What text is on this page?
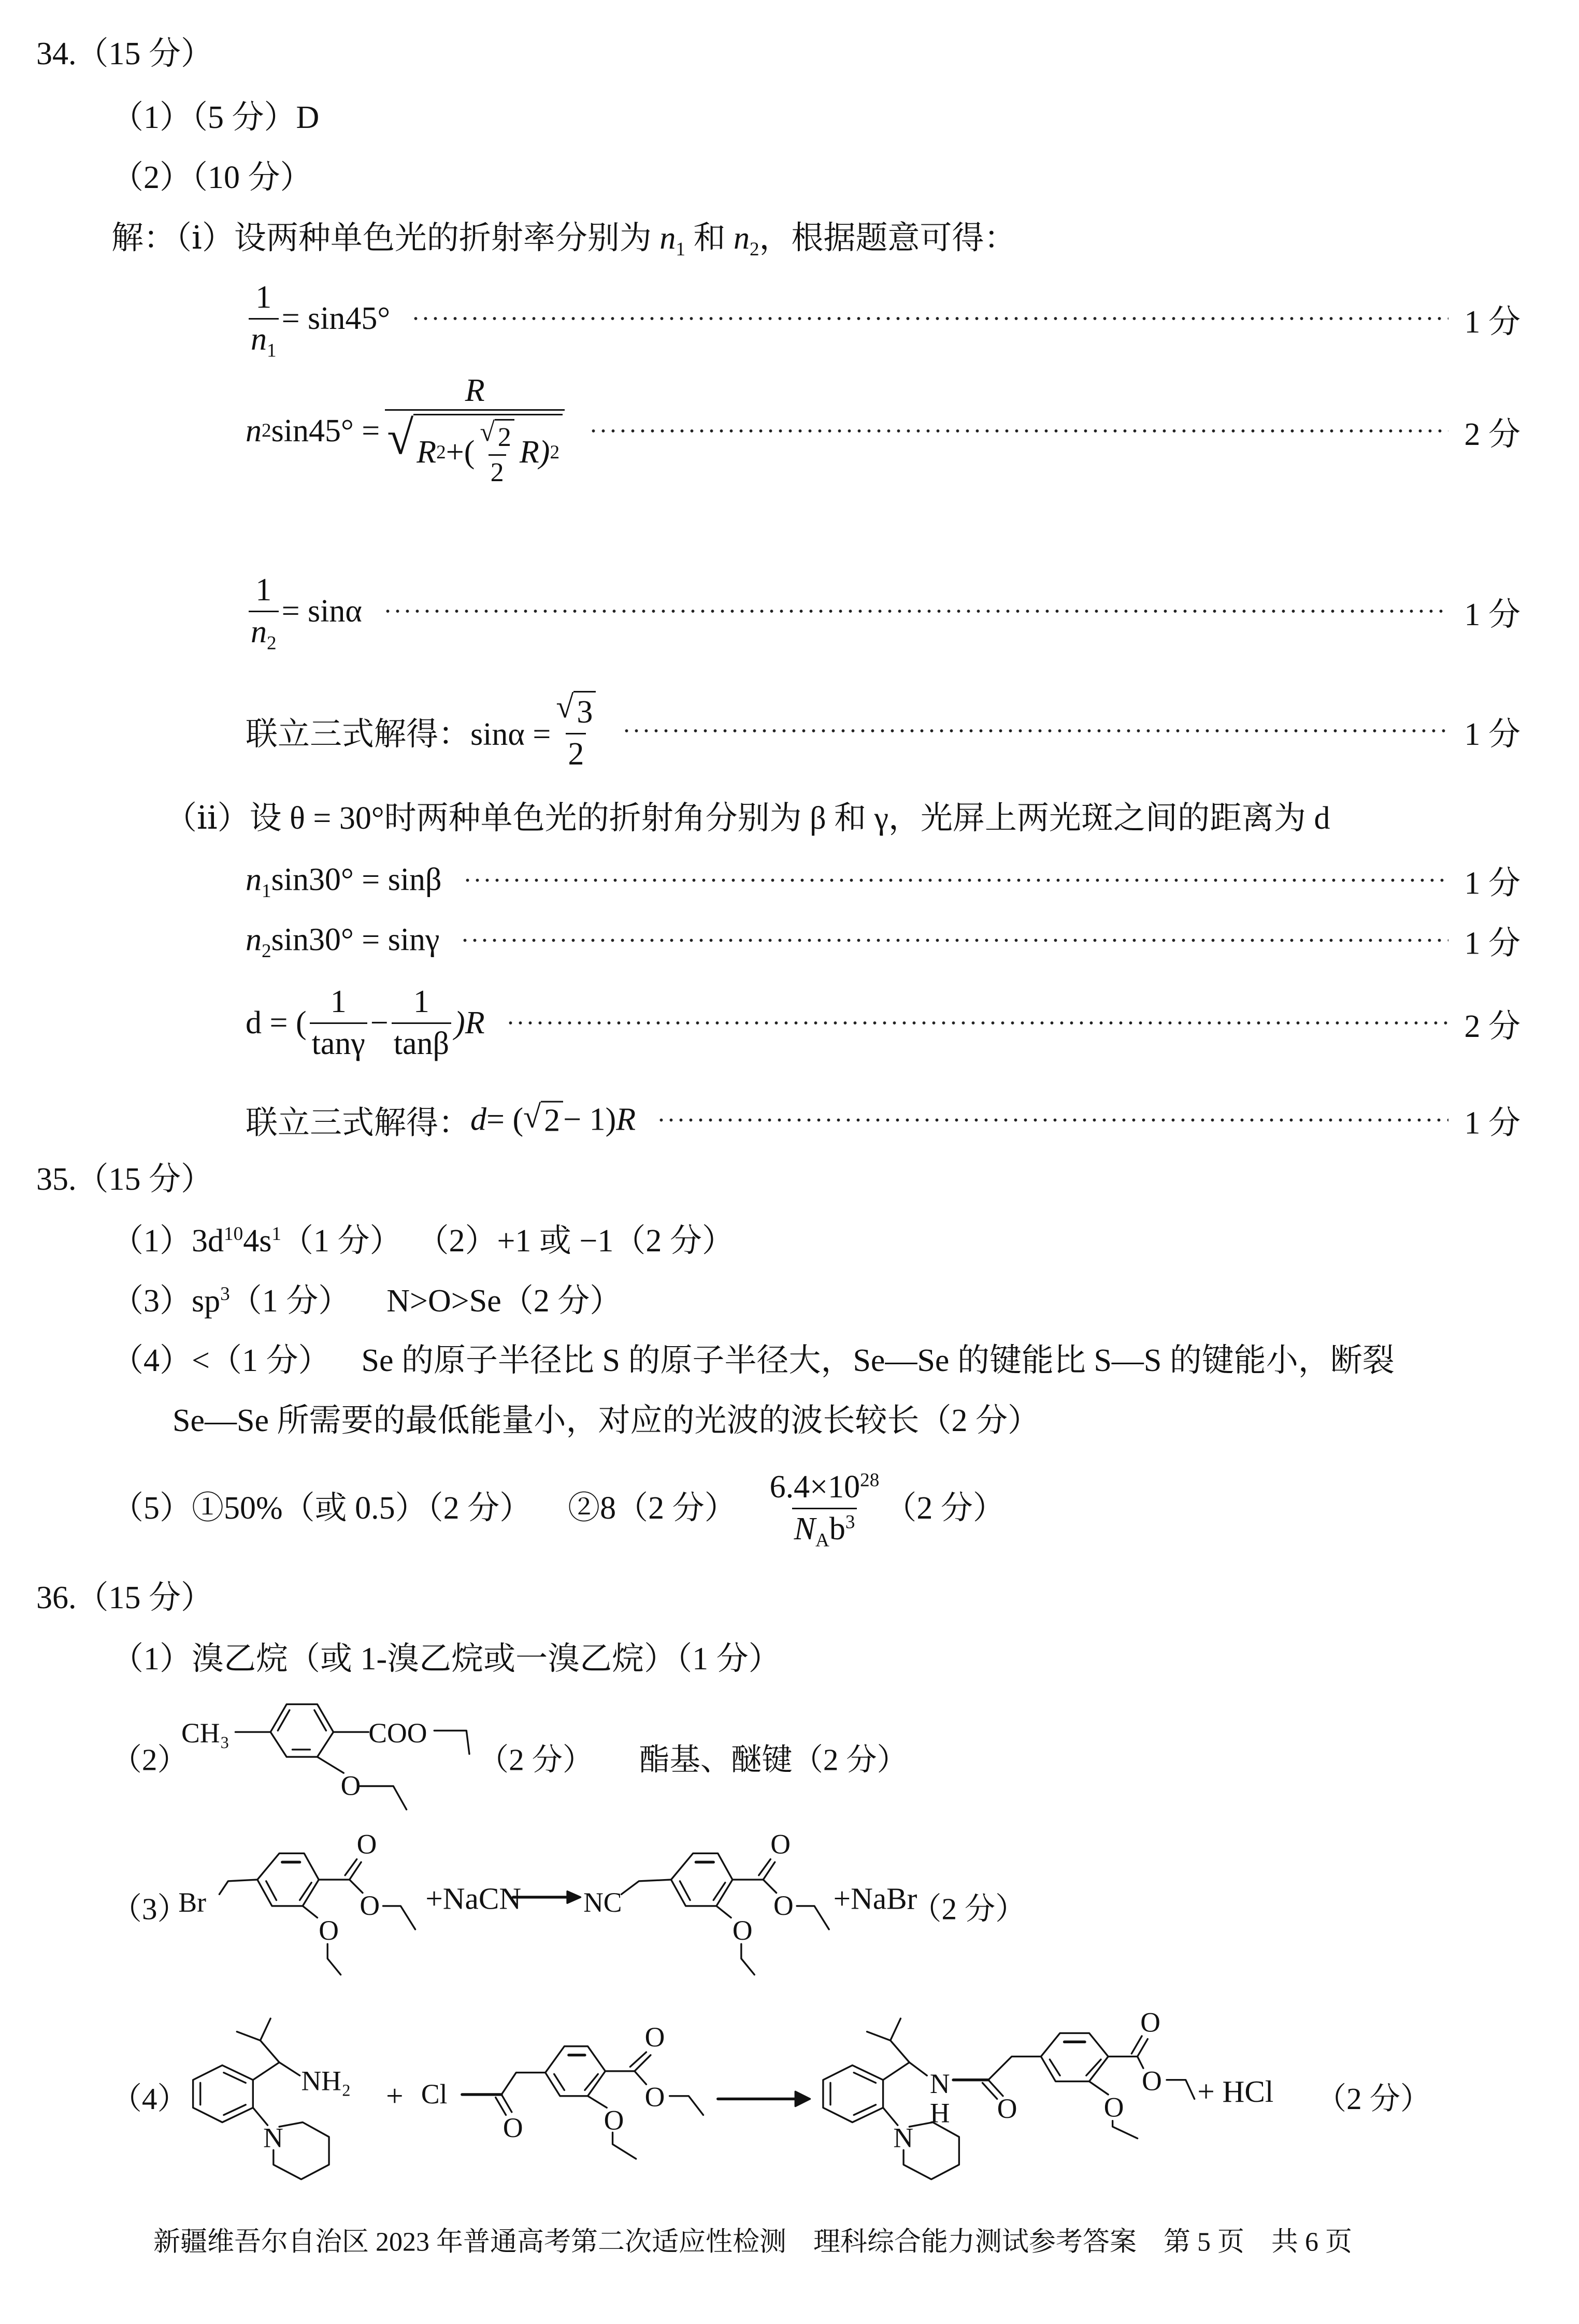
34.（15 分）
（1）（5 分）D
（2）（10 分）
解：（ⅰ）设两种单色光的折射率分别为 $n_1$ 和 $n_2$，根据题意可得：
$\frac{1}{n_1} = \sin 45^\circ$	1 分
n 2 $\sin 45^\circ = \frac{R}{√ R 2 +( \frac{√ 2}{2} R) 2}$	2 分
$\frac{1}{n_2} = \sin\alpha$	1 分
联立三式解得：$\sin\alpha = \frac{√ 3}{2}$	1 分
（ⅱ）设 θ = 30°时两种单色光的折射角分别为 β 和 γ，光屏上两光斑之间的距离为 d
$n_1\sin 30^\circ = \sin\beta$	1 分
$n_2\sin 30^\circ = \sin\gamma$	1 分
d = ( $\frac{1}{\tan\gamma} - \frac{1}{\tan\beta} )R$	2 分
联立三式解得： d = ( √ 2 − 1) R	1 分
35.（15 分）
$(1)3d^{10}4s^1(1$ 分） （2）+1 或 −1（2 分）
$(3)sp^3(1$ 分） N>O>Se（2 分）
（4）<（1 分） Se 的原子半径比 S 的原子半径大，Se—Se 的键能比 S—S 的键能小，断裂
Se—Se 所需要的最低能量小，对应的光波的波长较长（2 分）
（5）①50%（或 0.5）（2 分） ②8（2 分） $\frac{6.4\times 10^{28}}{N_Ab^3} (2$ 分）
36.（15 分）
（1）溴乙烷（或 1-溴乙烷或一溴乙烷）（1 分）
（2）
CH₃	COO
O
（2 分）	酯基、醚键（2 分）
（3）
Br
O
O
O
+NaCN	NC
O
O
O
+NaBr
（2 分）
（4）
NH₂
N
+ Cl
O
O
O
O
N
N
H	O
O
O
O	+ HCl	（2 分）
新疆维吾尔自治区 2023 年普通高考第二次适应性检测　理科综合能力测试参考答案　第 5 页　共 6 页
